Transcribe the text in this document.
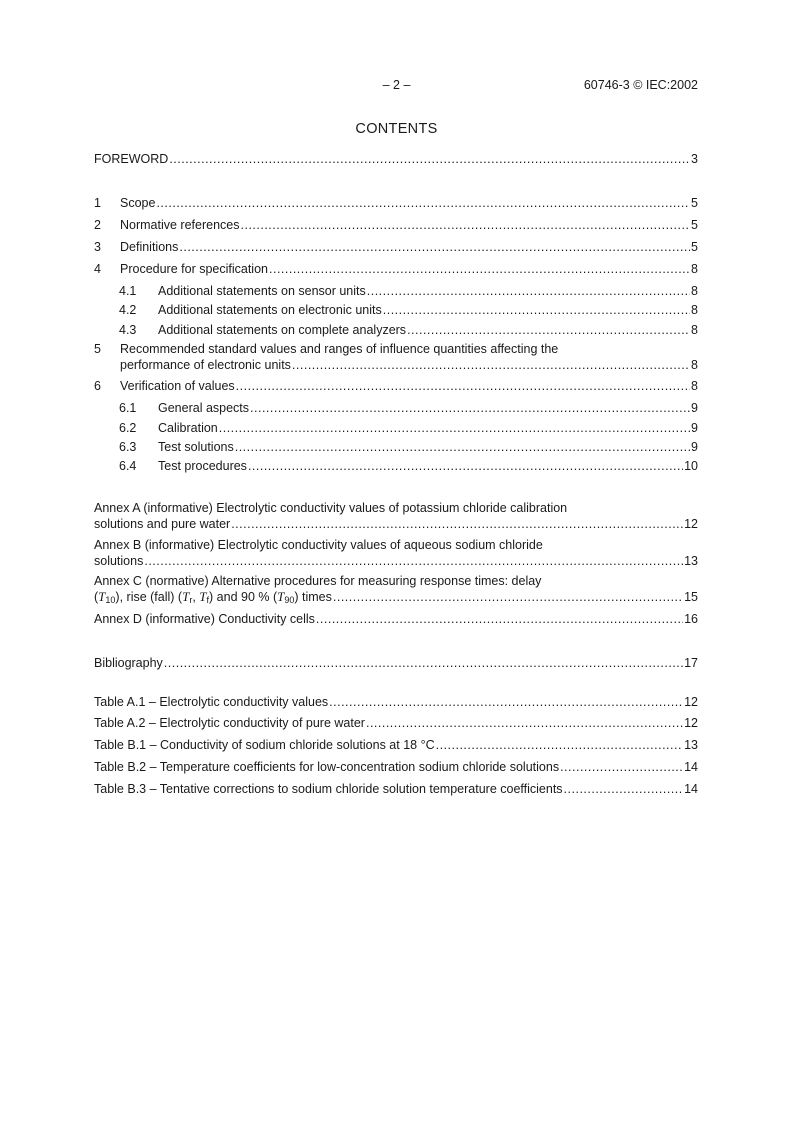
– 2 –	60746-3 © IEC:2002
CONTENTS
FOREWORD .....	3
1 Scope .....	5
2 Normative references .....	5
3 Definitions .....	5
4 Procedure for specification .....	8
4.1 Additional statements on sensor units .....	8
4.2 Additional statements on electronic units .....	8
4.3 Additional statements on complete analyzers .....	8
5 Recommended standard values and ranges of influence quantities affecting the
performance of electronic units .....	8
6 Verification of values .....	8
6.1 General aspects .....	9
6.2 Calibration .....	9
6.3 Test solutions .....	9
6.4 Test procedures .....	10
Annex A (informative) Electrolytic conductivity values of potassium chloride calibration
solutions and pure water .....	12
Annex B (informative) Electrolytic conductivity values of aqueous sodium chloride
solutions .....	13
Annex C (normative) Alternative procedures for measuring response times: delay
$(T_{10})$, rise (fall) ($T_r$, $T_f$) and 90 % $(T_{90})$ times .....	15
Annex D (informative) Conductivity cells .....	16
Bibliography .....	17
Table A.1 – Electrolytic conductivity values .....	12
Table A.2 – Electrolytic conductivity of pure water .....	12
Table B.1 – Conductivity of sodium chloride solutions at 18 °C .....	13
Table B.2 – Temperature coefficients for low-concentration sodium chloride solutions .....	14
Table B.3 – Tentative corrections to sodium chloride solution temperature coefficients .....	14
